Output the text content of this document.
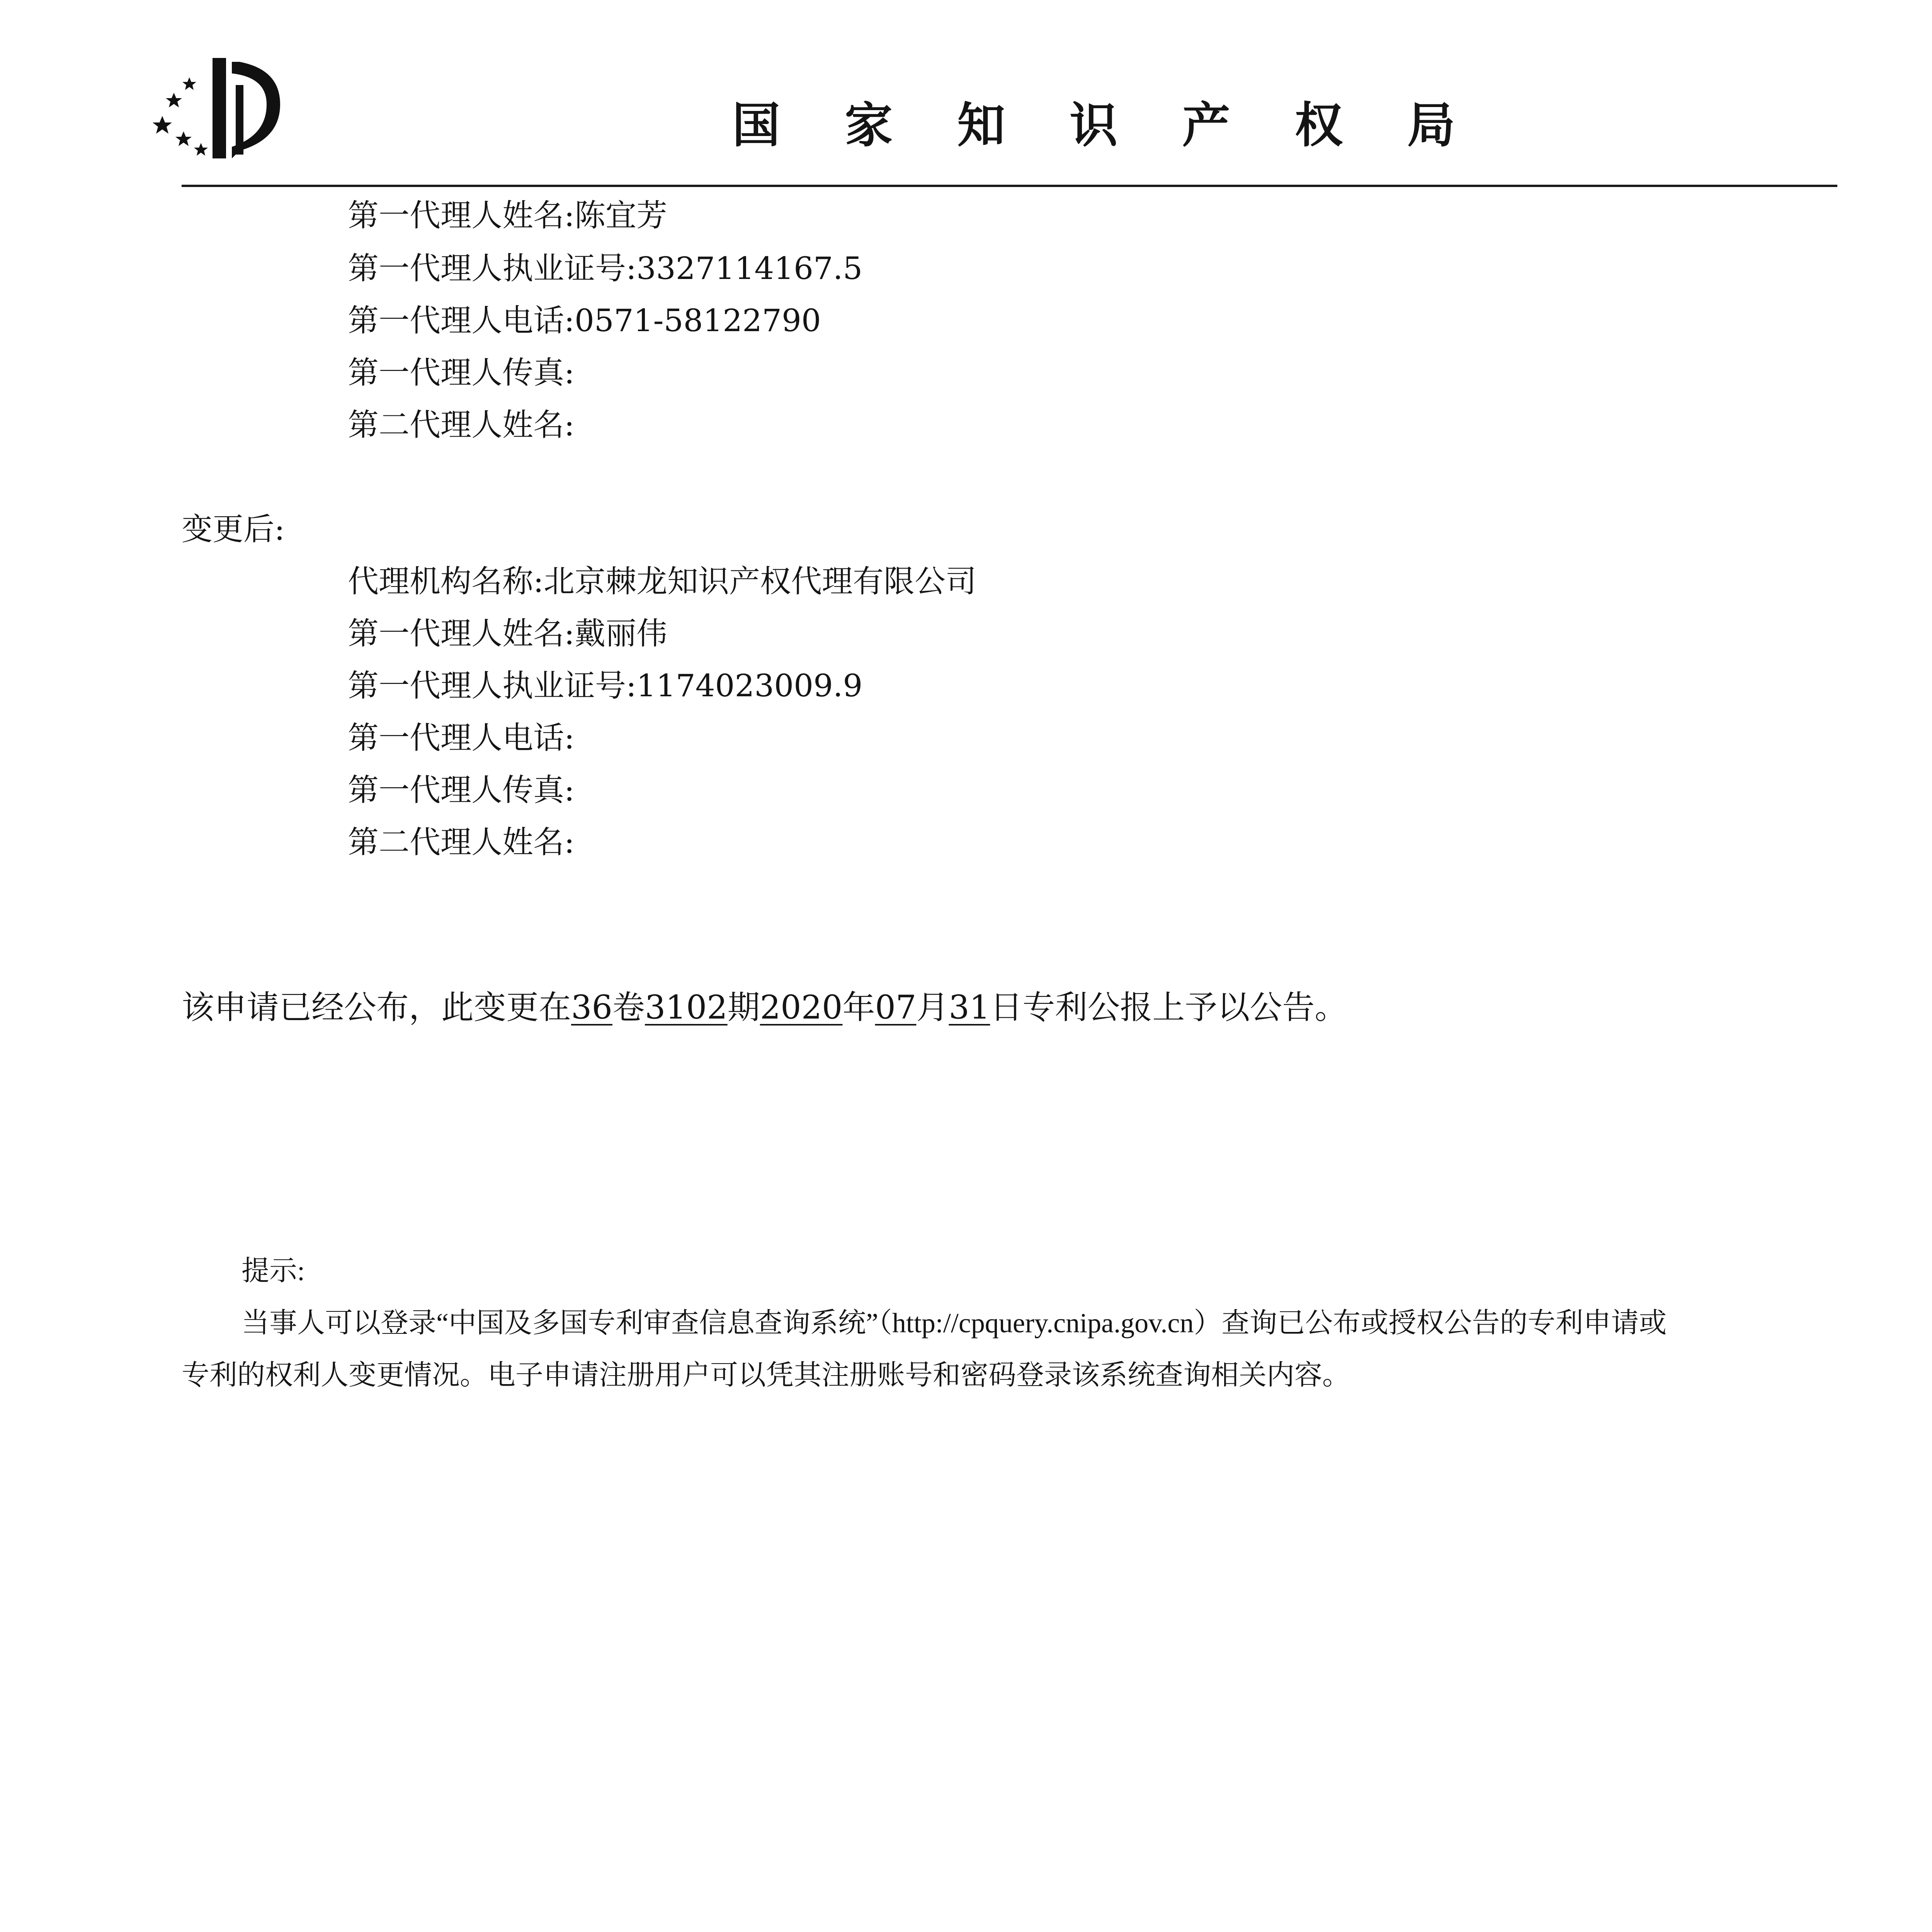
国 家 知 识 产 权 局
第一代理人姓名:陈宜芳
第一代理人执业证号:3327114167.5
第一代理人电话:0571-58122790
第一代理人传真:
第二代理人姓名:
变更后:
代理机构名称:北京棘龙知识产权代理有限公司
第一代理人姓名:戴丽伟
第一代理人执业证号:1174023009.9
第一代理人电话:
第一代理人传真:
第二代理人姓名:
该申请已经公布，此变更在36卷3102期2020年07月31日专利公报上予以公告。
提示:
当事人可以登录“中国及多国专利审查信息查询系统”（http://cpquery.cnipa.gov.cn）查询已公布或授权公告的专利申请或
专利的权利人变更情况。电子申请注册用户可以凭其注册账号和密码登录该系统查询相关内容。
